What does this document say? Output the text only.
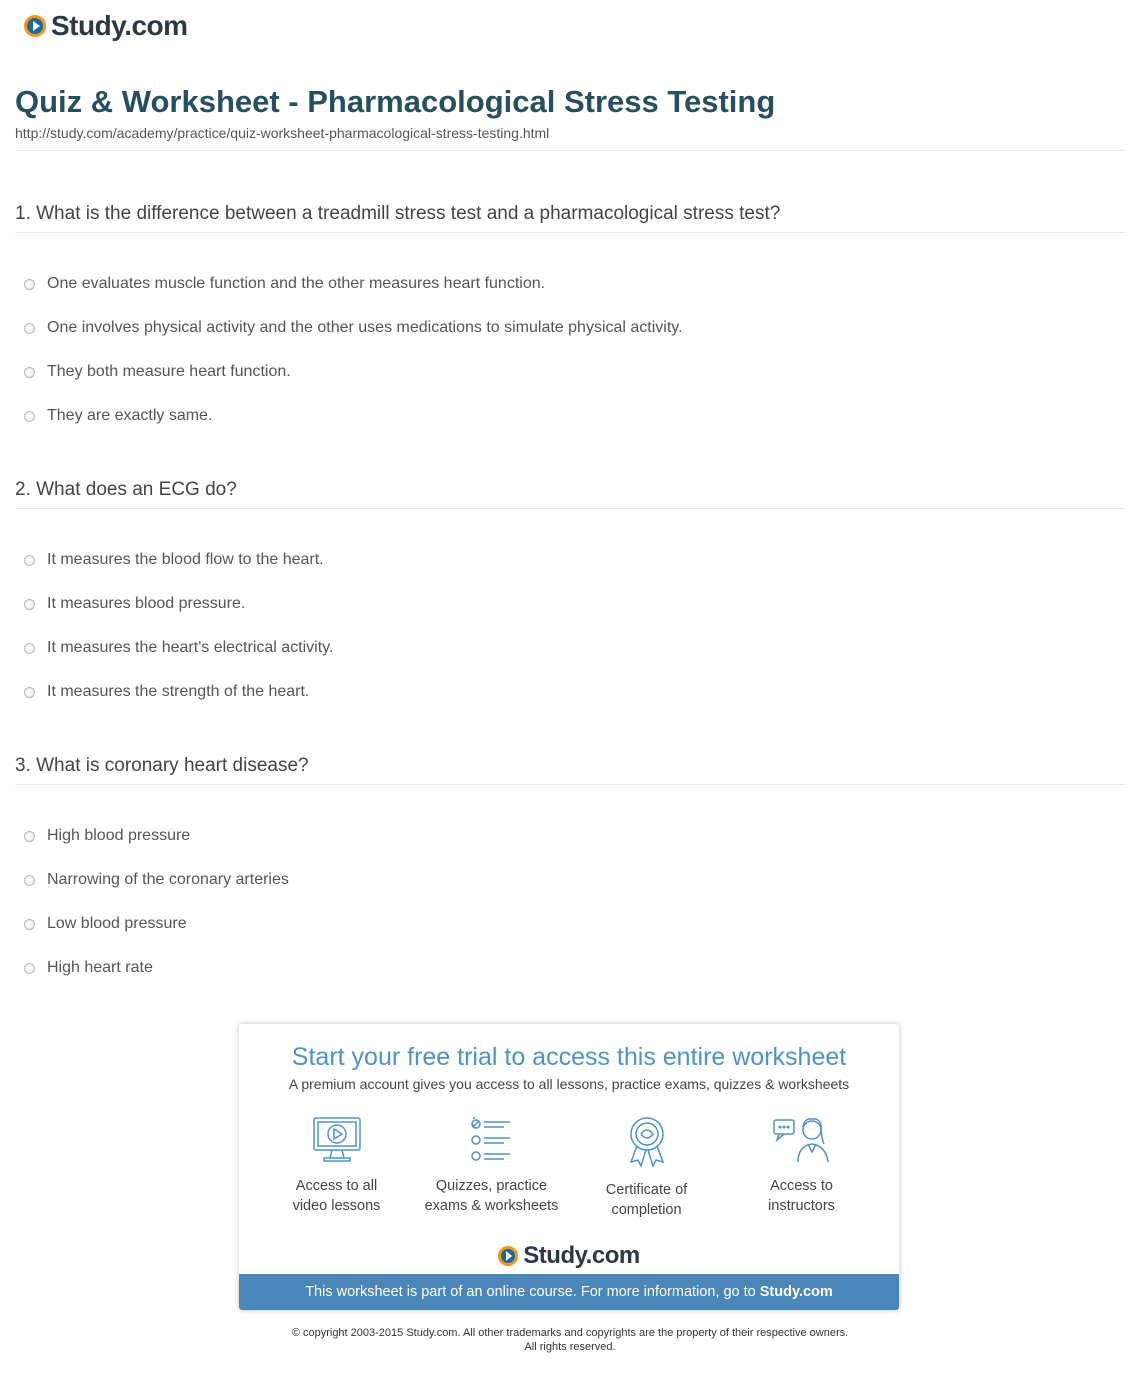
Study.com
Quiz & Worksheet - Pharmacological Stress Testing
http://study.com/academy/practice/quiz-worksheet-pharmacological-stress-testing.html
1. What is the difference between a treadmill stress test and a pharmacological stress test?
One evaluates muscle function and the other measures heart function.
One involves physical activity and the other uses medications to simulate physical activity.
They both measure heart function.
They are exactly same.
2. What does an ECG do?
It measures the blood flow to the heart.
It measures blood pressure.
It measures the heart's electrical activity.
It measures the strength of the heart.
3. What is coronary heart disease?
High blood pressure
Narrowing of the coronary arteries
Low blood pressure
High heart rate
Start your free trial to access this entire worksheet
A premium account gives you access to all lessons, practice exams, quizzes & worksheets
Access to all
video lessons
Quizzes, practice
exams & worksheets
Certificate of
completion
Access to
instructors
Study.com
This worksheet is part of an online course. For more information, go to Study.com
© copyright 2003-2015 Study.com. All other trademarks and copyrights are the property of their respective owners.
All rights reserved.
